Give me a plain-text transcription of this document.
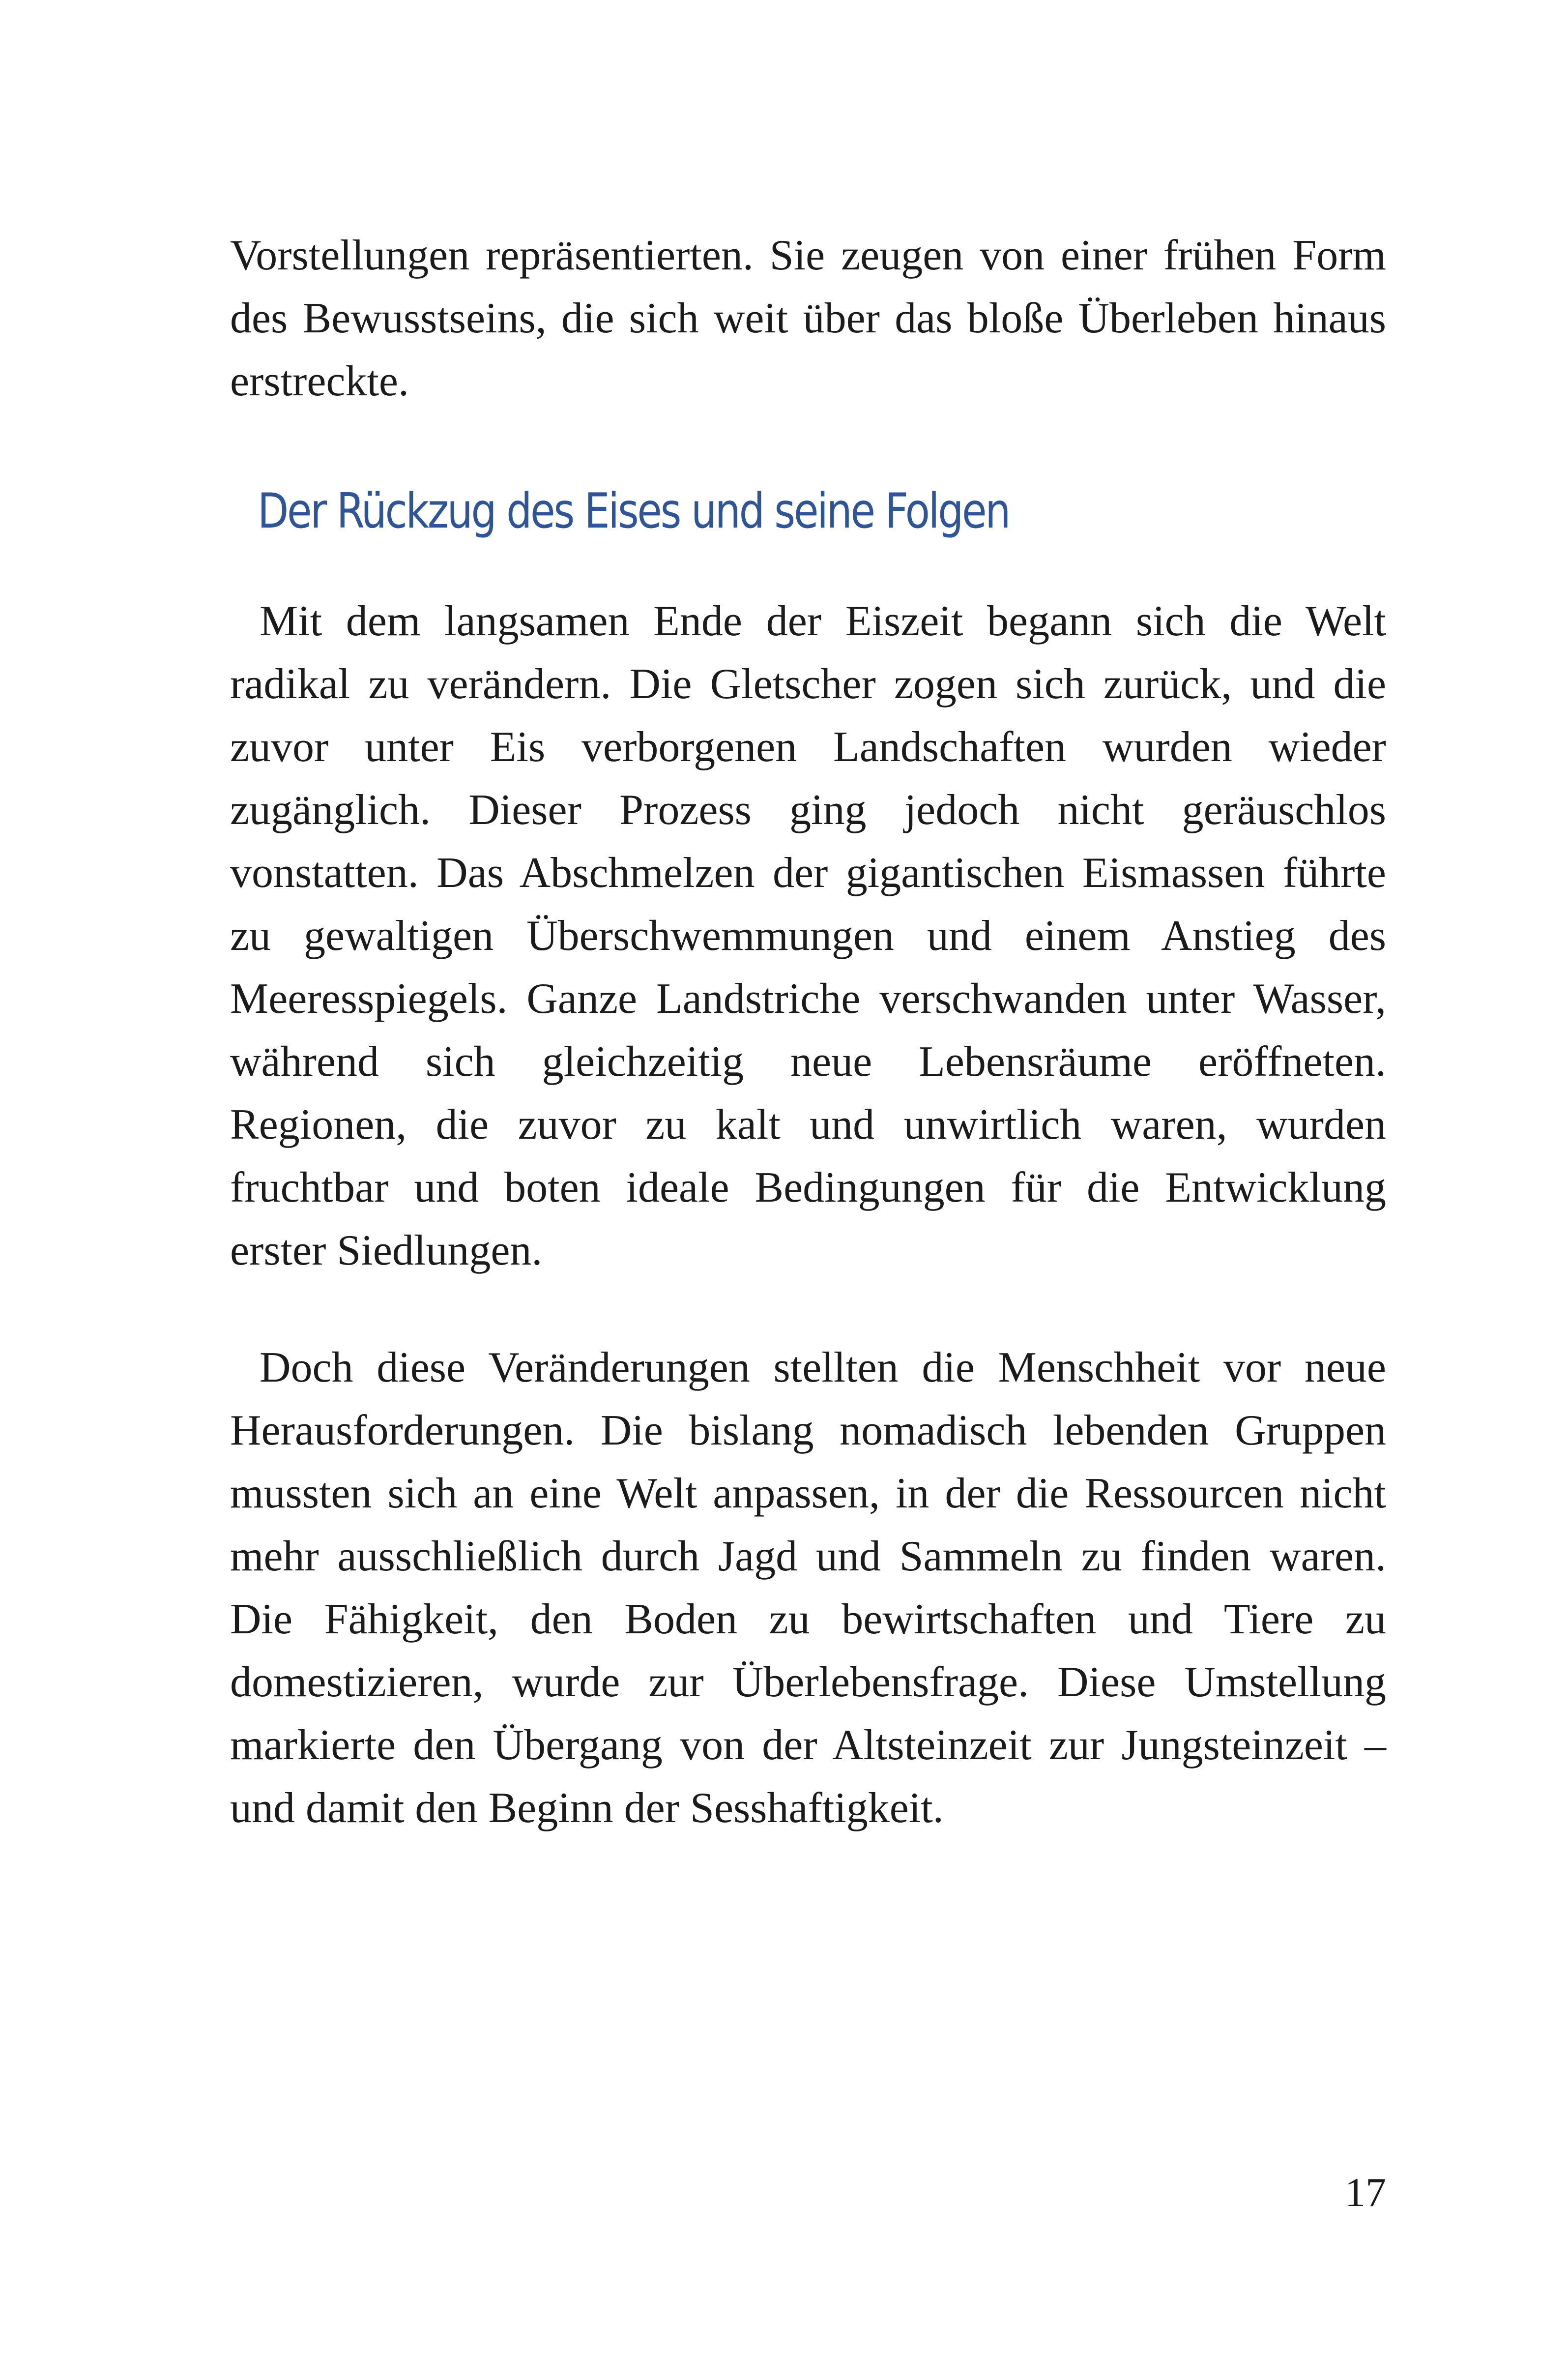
Vorstellungen repräsentierten. Sie zeugen von einer frühen Form des Bewusstseins, die sich weit über das bloße Überleben hinaus erstreckte.

Der Rückzug des Eises und seine Folgen

Mit dem langsamen Ende der Eiszeit begann sich die Welt radikal zu verändern. Die Gletscher zogen sich zurück, und die zuvor unter Eis verborgenen Landschaften wurden wieder zugänglich. Dieser Prozess ging jedoch nicht geräuschlos vonstatten. Das Abschmelzen der gigantischen Eismassen führte zu gewaltigen Überschwemmungen und einem Anstieg des Meeresspiegels. Ganze Landstriche verschwanden unter Wasser, während sich gleichzeitig neue Lebensräume eröffneten. Regionen, die zuvor zu kalt und unwirtlich waren, wurden fruchtbar und boten ideale Bedingungen für die Entwicklung erster Siedlungen.

Doch diese Veränderungen stellten die Menschheit vor neue Herausforderungen. Die bislang nomadisch lebenden Gruppen mussten sich an eine Welt anpassen, in der die Ressourcen nicht mehr ausschließlich durch Jagd und Sammeln zu finden waren. Die Fähigkeit, den Boden zu bewirtschaften und Tiere zu domestizieren, wurde zur Überlebensfrage. Diese Umstellung markierte den Übergang von der Altsteinzeit zur Jungsteinzeit – und damit den Beginn der Sesshaftigkeit.

17
